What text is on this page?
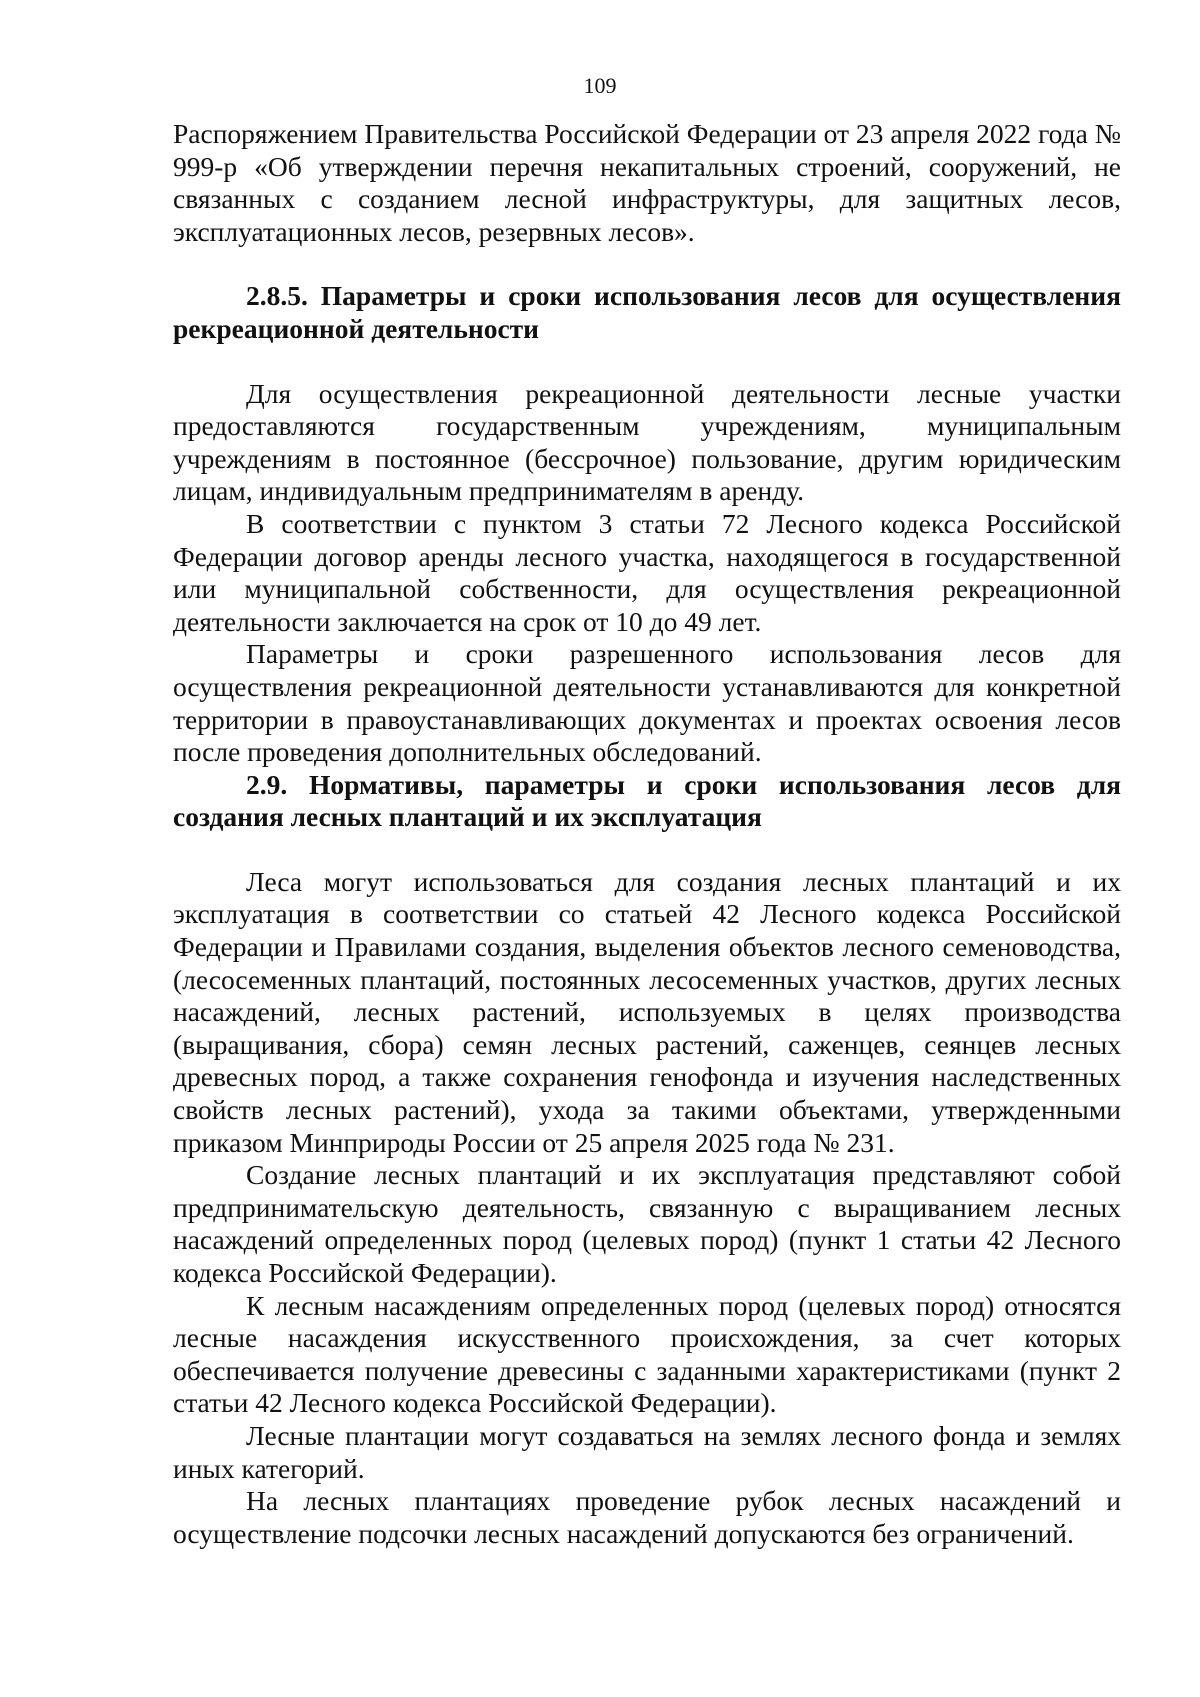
109

Распоряжением Правительства Российской Федерации от 23 апреля 2022 года № 999-р «Об утверждении перечня некапитальных строений, сооружений, не связанных с созданием лесной инфраструктуры, для защитных лесов, эксплуатационных лесов, резервных лесов».

2.8.5. Параметры и сроки использования лесов для осуществления рекреационной деятельности

Для осуществления рекреационной деятельности лесные участки предоставляются государственным учреждениям, муниципальным учреждениям в постоянное (бессрочное) пользование, другим юридическим лицам, индивидуальным предпринимателям в аренду.

В соответствии с пунктом 3 статьи 72 Лесного кодекса Российской Федерации договор аренды лесного участка, находящегося в государственной или муниципальной собственности, для осуществления рекреационной деятельности заключается на срок от 10 до 49 лет.

Параметры и сроки разрешенного использования лесов для осуществления рекреационной деятельности устанавливаются для конкретной территории в правоустанавливающих документах и проектах освоения лесов после проведения дополнительных обследований.

2.9. Нормативы, параметры и сроки использования лесов для создания лесных плантаций и их эксплуатация

Леса могут использоваться для создания лесных плантаций и их эксплуатация в соответствии со статьей 42 Лесного кодекса Российской Федерации и Правилами создания, выделения объектов лесного семеноводства, (лесосеменных плантаций, постоянных лесосеменных участков, других лесных насаждений, лесных растений, используемых в целях производства (выращивания, сбора) семян лесных растений, саженцев, сеянцев лесных древесных пород, а также сохранения генофонда и изучения наследственных свойств лесных растений), ухода за такими объектами, утвержденными приказом Минприроды России от 25 апреля 2025 года № 231.

Создание лесных плантаций и их эксплуатация представляют собой предпринимательскую деятельность, связанную с выращиванием лесных насаждений определенных пород (целевых пород) (пункт 1 статьи 42 Лесного кодекса Российской Федерации).

К лесным насаждениям определенных пород (целевых пород) относятся лесные насаждения искусственного происхождения, за счет которых обеспечивается получение древесины с заданными характеристиками (пункт 2 статьи 42 Лесного кодекса Российской Федерации).

Лесные плантации могут создаваться на землях лесного фонда и землях иных категорий.

На лесных плантациях проведение рубок лесных насаждений и осуществление подсочки лесных насаждений допускаются без ограничений.
